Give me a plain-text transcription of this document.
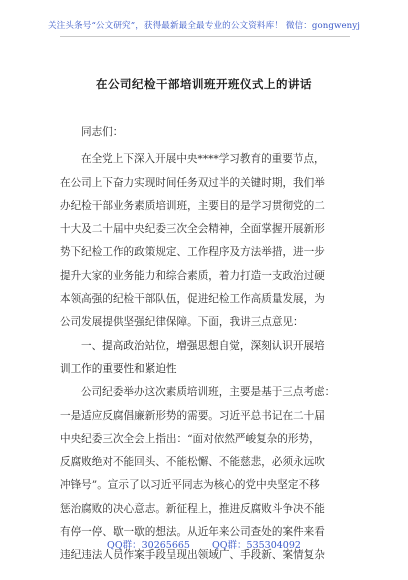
关注头条号“公文研究”，获得最新最全最专业的公文资料库！ 微信：gongwenyj
在公司纪检干部培训班开班仪式上的讲话
同志们：
在全党上下深入开展中央****学习教育的重要节点，
在公司上下奋力实现时间任务双过半的关键时期，我们举
办纪检干部业务素质培训班，主要目的是学习贯彻党的二
十大及二十届中央纪委三次全会精神，全面掌握开展新形
势下纪检工作的政策规定、工作程序及方法举措，进一步
提升大家的业务能力和综合素质，着力打造一支政治过硬
本领高强的纪检干部队伍，促进纪检工作高质量发展，为
公司发展提供坚强纪律保障。下面，我讲三点意见：
一、提高政治站位，增强思想自觉，深刻认识开展培
训工作的重要性和紧迫性
公司纪委举办这次素质培训班，主要是基于三点考虑：
一是适应反腐倡廉新形势的需要。习近平总书记在二十届
中央纪委三次全会上指出：“面对依然严峻复杂的形势，
反腐败绝对不能回头、不能松懈、不能慈悲，必须永远吹
冲锋号”。宣示了以习近平同志为核心的党中央坚定不移
惩治腐败的决心意志。新征程上，推进反腐败斗争决不能
有停一停、歇一歇的想法。从近年来公司查处的案件来看
违纪违法人员作案手段呈现出领域广、手段新、案情复杂
QQ群：30265665 QQ群：535304092
